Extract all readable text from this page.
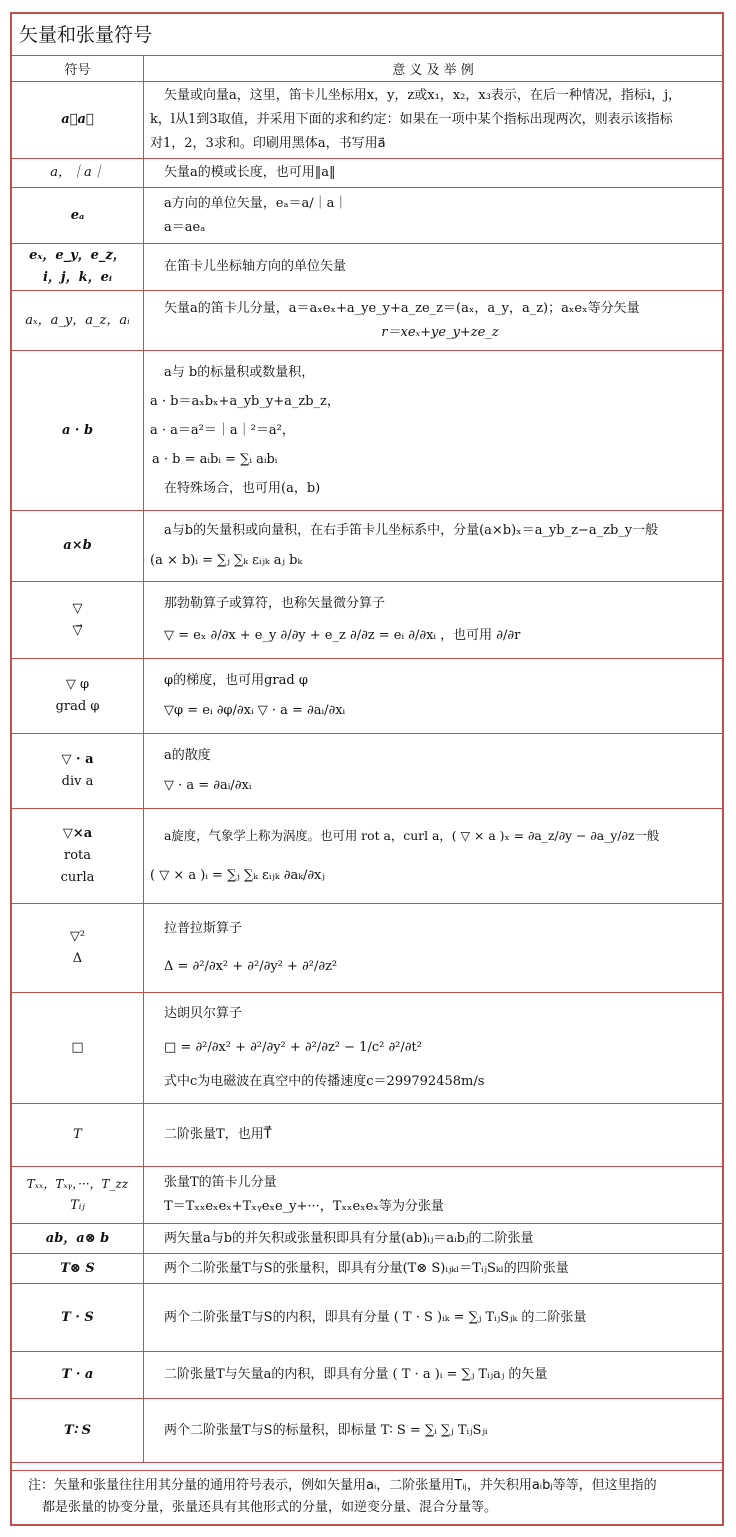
矢量和张量符号
符号	意 义 及 举 例
a，a⃗	矢量或向量a，这里，笛卡儿坐标用x，y，z或x₁，x₂，x₃表示，在后一种情况，指标i，j，
k，l从1到3取值，并采用下面的求和约定：如果在一项中某个指标出现两次，则表示该指标
对1，2，3求和。印刷用黑体a，书写用a⃗

a，｜a｜	矢量a的模或长度，也可用‖a‖

eₐ	a方向的单位矢量，eₐ＝a/｜a｜
a＝aeₐ

eₓ，e_y，e_z，
i，j，k，eᵢ	在笛卡儿坐标轴方向的单位矢量

aₓ，a_y，a_z，aᵢ	矢量a的笛卡儿分量，a＝aₓeₓ+a_ye_y+a_ze_z＝(aₓ，a_y，a_z)；aₓeₓ等分矢量
r＝xeₓ+ye_y+ze_z

a · b	a与 b的标量积或数量积，
a · b＝aₓbₓ+a_yb_y+a_zb_z，
a · a＝a²＝｜a｜²＝a²，
a · b = aᵢbᵢ = ∑ᵢ aᵢbᵢ
在特殊场合，也可用(a，b)

a×b	a与b的矢量积或向量积，在右手笛卡儿坐标系中，分量(a×b)ₓ＝a_yb_z−a_zb_y一般
(a × b)ᵢ = ∑ⱼ ∑ₖ εᵢⱼₖ aⱼ bₖ

▽
▽⃗	那勃勒算子或算符，也称矢量微分算子
▽ = eₓ ∂/∂x + e_y ∂/∂y + e_z ∂/∂z = eᵢ ∂/∂xᵢ ，也可用 ∂/∂r

▽ φ
grad φ	φ的梯度，也可用grad φ
▽φ = eᵢ ∂φ/∂xᵢ ▽ · a = ∂aᵢ/∂xᵢ

▽ · a
div a	a的散度
▽ · a = ∂aᵢ/∂xᵢ

▽×a
rota
curla	a旋度，气象学上称为涡度。也可用 rot a，curl a，( ▽ × a )ₓ = ∂a_z/∂y − ∂a_y/∂z一般
( ▽ × a )ᵢ = ∑ⱼ ∑ₖ εᵢⱼₖ ∂aₖ/∂xⱼ

▽²
Δ	拉普拉斯算子
Δ = ∂²/∂x² + ∂²/∂y² + ∂²/∂z²

□	达朗贝尔算子
□ = ∂²/∂x² + ∂²/∂y² + ∂²/∂z² − 1/c² ∂²/∂t²
式中c为电磁波在真空中的传播速度c＝299792458m/s

T	二阶张量T，也用T⃗⃗

Tₓₓ，Tₓᵧ，···，T_zz
Tᵢⱼ	张量T的笛卡儿分量
T＝Tₓₓeₓeₓ+Tₓᵧeₓe_y+···，Tₓₓeₓeₓ等为分张量

ab，a⊗ b	两矢量a与b的并矢积或张量积即具有分量(ab)ᵢⱼ＝aᵢbⱼ的二阶张量

T⊗ S	两个二阶张量T与S的张量积，即具有分量(T⊗ S)ᵢⱼₖₗ＝TᵢⱼSₖₗ的四阶张量

T · S	两个二阶张量T与S的内积，即具有分量 ( T · S )ᵢₖ = ∑ⱼ TᵢⱼSⱼₖ 的二阶张量

T · a	二阶张量T与矢量a的内积，即具有分量 ( T · a )ᵢ = ∑ⱼ Tᵢⱼaⱼ 的矢量

T∶ S	两个二阶张量T与S的标量积，即标量 T∶ S = ∑ᵢ ∑ⱼ TᵢⱼSⱼᵢ
注：矢量和张量往往用其分量的通用符号表示，例如矢量用aᵢ，二阶张量用Tᵢⱼ，并矢积用aᵢbⱼ等等，但这里指的
都是张量的协变分量，张量还具有其他形式的分量，如逆变分量、混合分量等。
